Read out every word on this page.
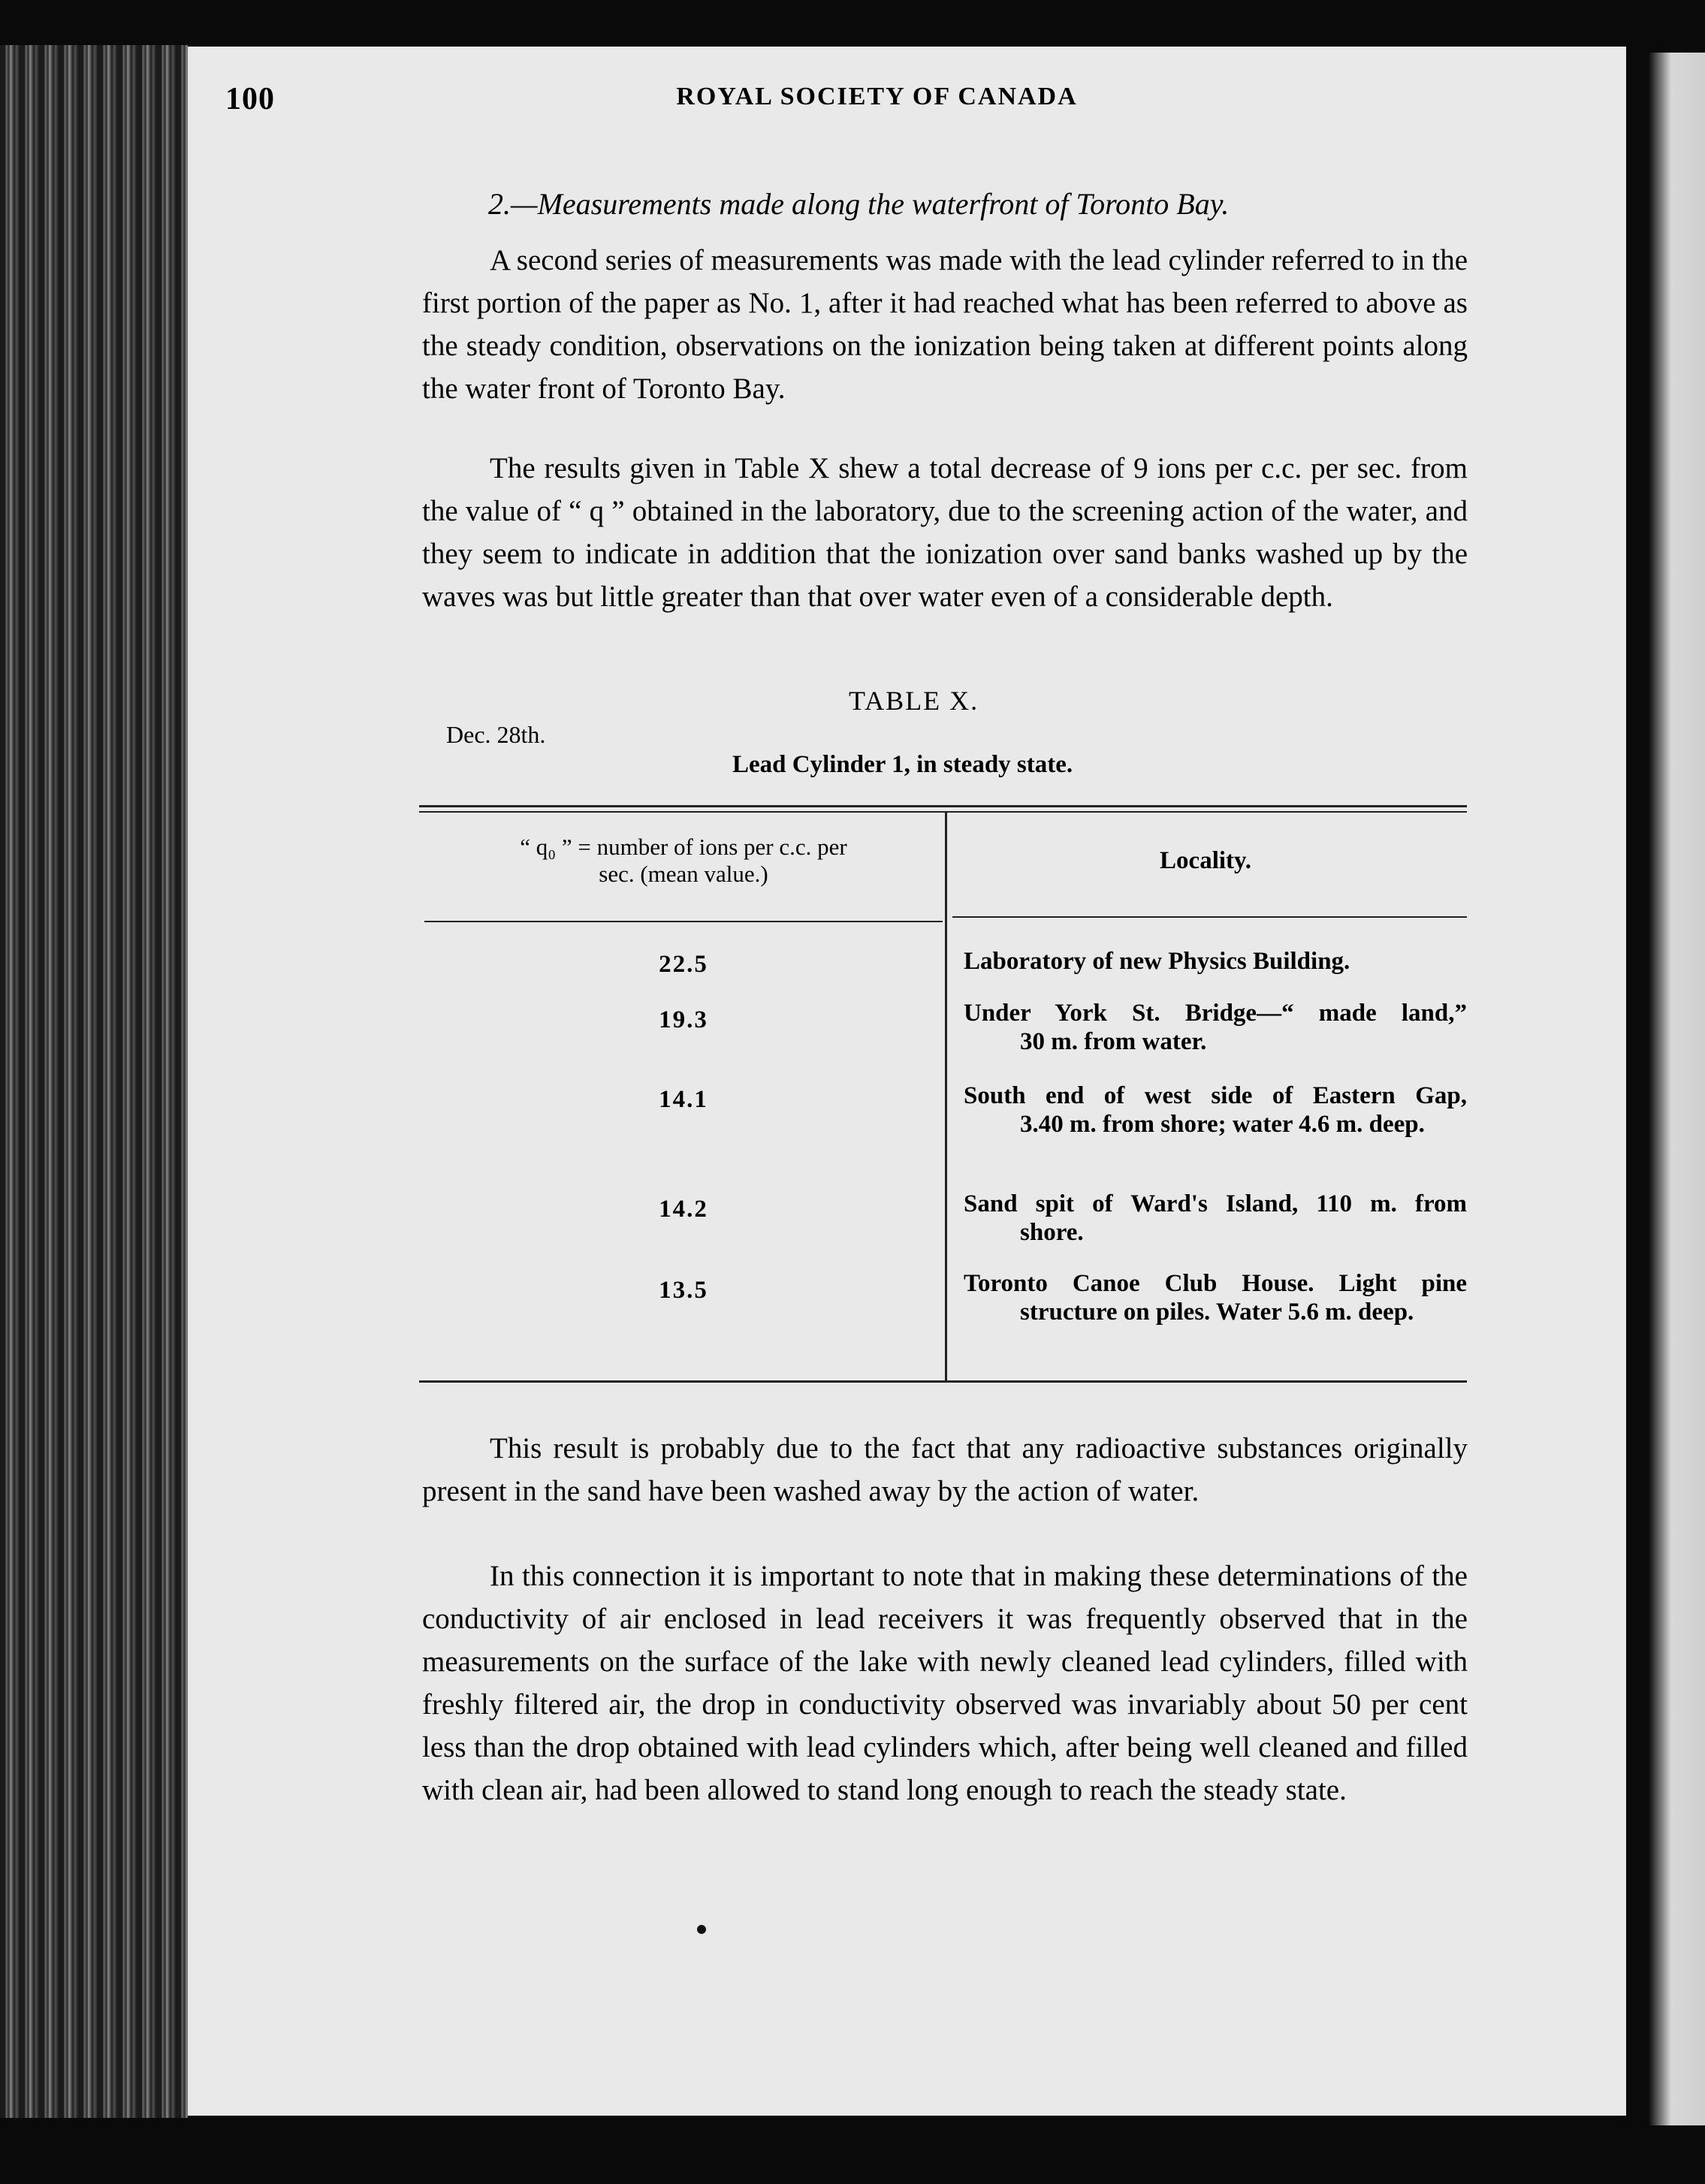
100	ROYAL SOCIETY OF CANADA
2.—Measurements made along the waterfront of Toronto Bay.

A second series of measurements was made with the lead cylinder referred to in the first portion of the paper as No. 1, after it had reached what has been referred to above as the steady condition, observations on the ionization being taken at different points along the water front of Toronto Bay.

The results given in Table X shew a total decrease of 9 ions per c.c. per sec. from the value of “ q ” obtained in the laboratory, due to the screening action of the water, and they seem to indicate in addition that the ionization over sand banks washed up by the waves was but little greater than that over water even of a considerable depth.

TABLE X.
Dec. 28th.
Lead Cylinder 1, in steady state.
“ q₀ ” = number of ions per c.c. per
sec. (mean value.)	Locality.
22.5	Laboratory of new Physics Building.
19.3	Under York St. Bridge—“ made land,”
30 m. from water.
14.1	South end of west side of Eastern Gap,
3.40 m. from shore; water 4.6 m. deep.
14.2	Sand spit of Ward's Island, 110 m. from
shore.
13.5	Toronto Canoe Club House. Light pine
structure on piles. Water 5.6 m. deep.

This result is probably due to the fact that any radioactive substances originally present in the sand have been washed away by the action of water.

In this connection it is important to note that in making these determinations of the conductivity of air enclosed in lead receivers it was frequently observed that in the measurements on the surface of the lake with newly cleaned lead cylinders, filled with freshly filtered air, the drop in conductivity observed was invariably about 50 per cent less than the drop obtained with lead cylinders which, after being well cleaned and filled with clean air, had been allowed to stand long enough to reach the steady state.
